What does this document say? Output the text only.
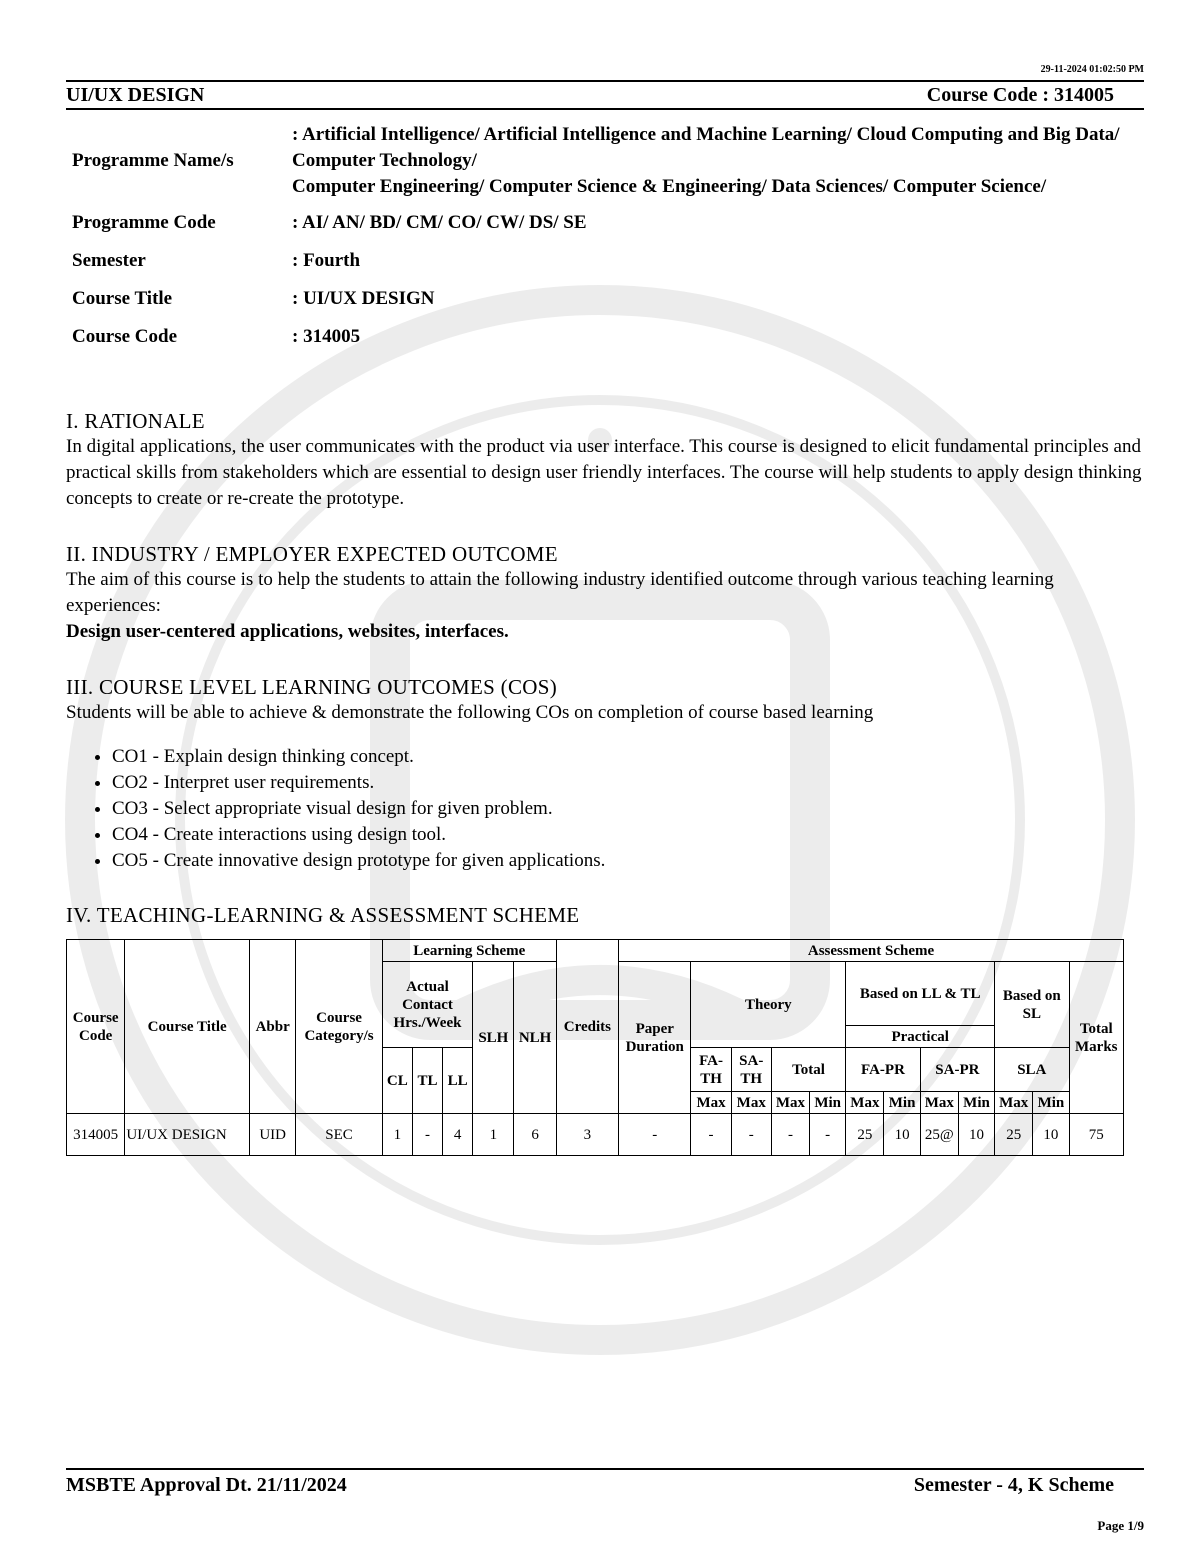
29-11-2024 01:02:50 PM
UI/UX DESIGN	Course Code : 314005
Programme Name/s	: Artificial Intelligence/ Artificial Intelligence and Machine Learning/ Cloud Computing and Big Data/ Computer Technology/
Computer Engineering/ Computer Science & Engineering/ Data Sciences/ Computer Science/

Programme Code	: AI/ AN/ BD/ CM/ CO/ CW/ DS/ SE
Semester	: Fourth
Course Title	: UI/UX DESIGN
Course Code	: 314005
I. RATIONALE

In digital applications, the user communicates with the product via user interface. This course is designed to elicit fundamental principles and practical skills from stakeholders which are essential to design user friendly interfaces. The course will help students to apply design thinking concepts to create or re-create the prototype.

II. INDUSTRY / EMPLOYER EXPECTED OUTCOME

The aim of this course is to help the students to attain the following industry identified outcome through various teaching learning experiences:

Design user-centered applications, websites, interfaces.

III. COURSE LEVEL LEARNING OUTCOMES (COS)

Students will be able to achieve & demonstrate the following COs on completion of course based learning

• CO1 - Explain design thinking concept.
• CO2 - Interpret user requirements.
• CO3 - Select appropriate visual design for given problem.
• CO4 - Create interactions using design tool.
• CO5 - Create innovative design prototype for given applications.
IV. TEACHING-LEARNING & ASSESSMENT SCHEME
Course Code	Course Title	Abbr	Course Category/s	Learning Scheme					Credits	Assessment Scheme											
				Actual Contact Hrs./Week			SLH	NLH		Paper Duration	Theory				Based on LL & TL				Based on SL		Total Marks
															Practical						
				CL	TL	LL					FA-TH	SA-TH	Total		FA-PR		SA-PR		SLA		
											Max	Max	Max	Min	Max	Min	Max	Min	Max	Min	
314005	UI/UX DESIGN	UID	SEC	1	-	4	1	6	3	-	-	-	-	-	25	10	25@	10	25	10	75
MSBTE Approval Dt. 21/11/2024	Semester - 4, K Scheme
Page 1/9
